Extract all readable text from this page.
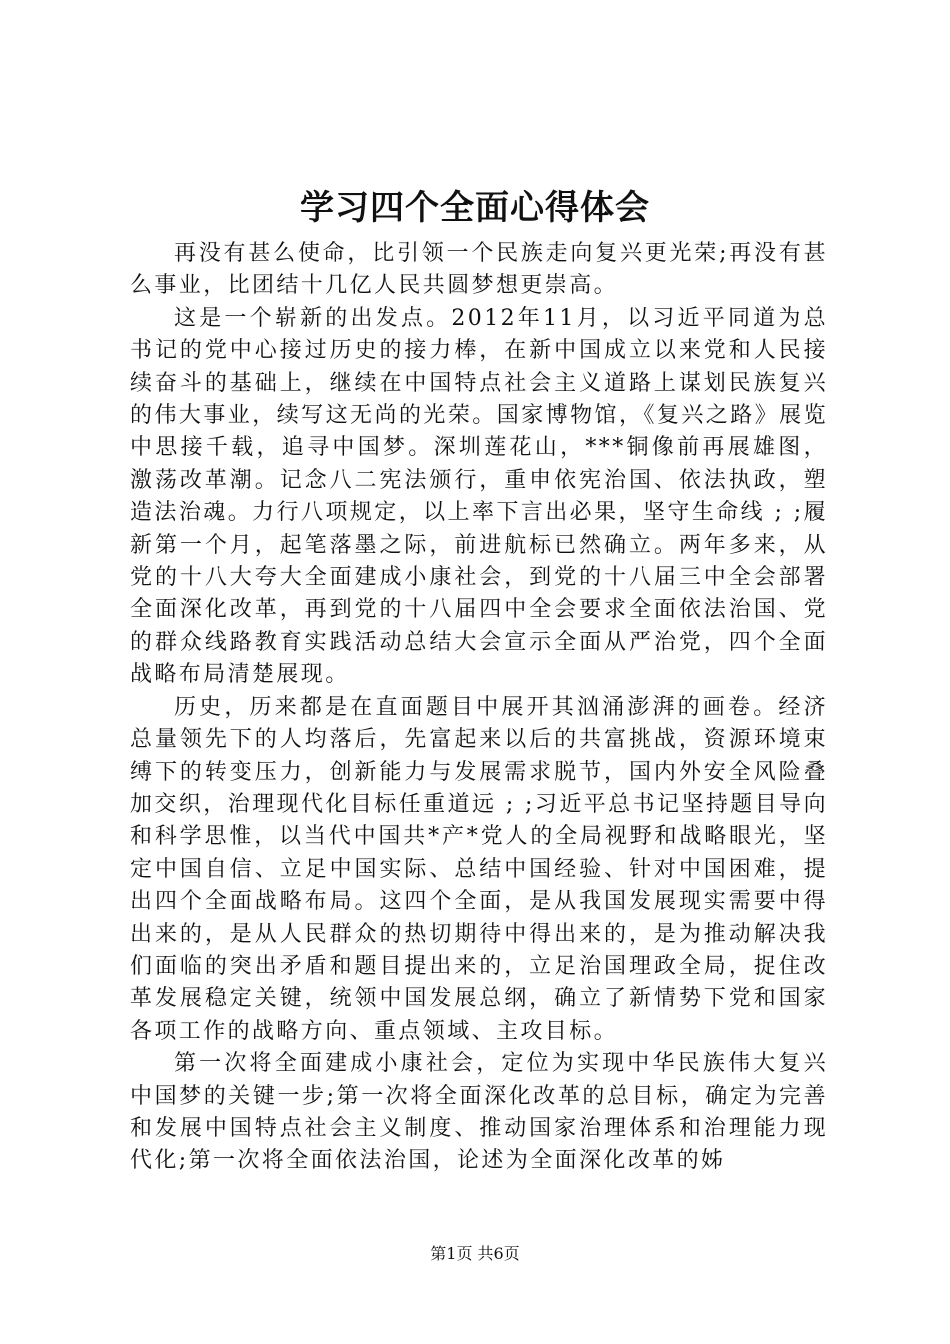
学习四个全面心得体会

再没有甚么使命，比引领一个民族走向复兴更光荣;再没有甚么事业，比团结十几亿人民共圆梦想更崇高。

这是一个崭新的出发点。2012年11月，以习近平同道为总书记的党中心接过历史的接力棒，在新中国成立以来党和人民接续奋斗的基础上，继续在中国特点社会主义道路上谋划民族复兴的伟大事业，续写这无尚的光荣。国家博物馆，《复兴之路》展览中思接千载，追寻中国梦。深圳莲花山，***铜像前再展雄图，激荡改革潮。记念八二宪法颁行，重申依宪治国、依法执政，塑造法治魂。力行八项规定，以上率下言出必果，坚守生命线 ; ;履新第一个月，起笔落墨之际，前进航标已然确立。两年多来，从党的十八大夸大全面建成小康社会，到党的十八届三中全会部署全面深化改革，再到党的十八届四中全会要求全面依法治国、党的群众线路教育实践活动总结大会宣示全面从严治党，四个全面战略布局清楚展现。

历史，历来都是在直面题目中展开其汹涌澎湃的画卷。经济总量领先下的人均落后，先富起来以后的共富挑战，资源环境束缚下的转变压力，创新能力与发展需求脱节，国内外安全风险叠加交织，治理现代化目标任重道远 ; ;习近平总书记坚持题目导向和科学思惟，以当代中国共*产*党人的全局视野和战略眼光，坚定中国自信、立足中国实际、总结中国经验、针对中国困难，提出四个全面战略布局。这四个全面，是从我国发展现实需要中得出来的，是从人民群众的热切期待中得出来的，是为推动解决我们面临的突出矛盾和题目提出来的，立足治国理政全局，捉住改革发展稳定关键，统领中国发展总纲，确立了新情势下党和国家各项工作的战略方向、重点领域、主攻目标。

第一次将全面建成小康社会，定位为实现中华民族伟大复兴中国梦的关键一步;第一次将全面深化改革的总目标，确定为完善和发展中国特点社会主义制度、推动国家治理体系和治理能力现代化;第一次将全面依法治国，论述为全面深化改革的姊

第1页 共6页
